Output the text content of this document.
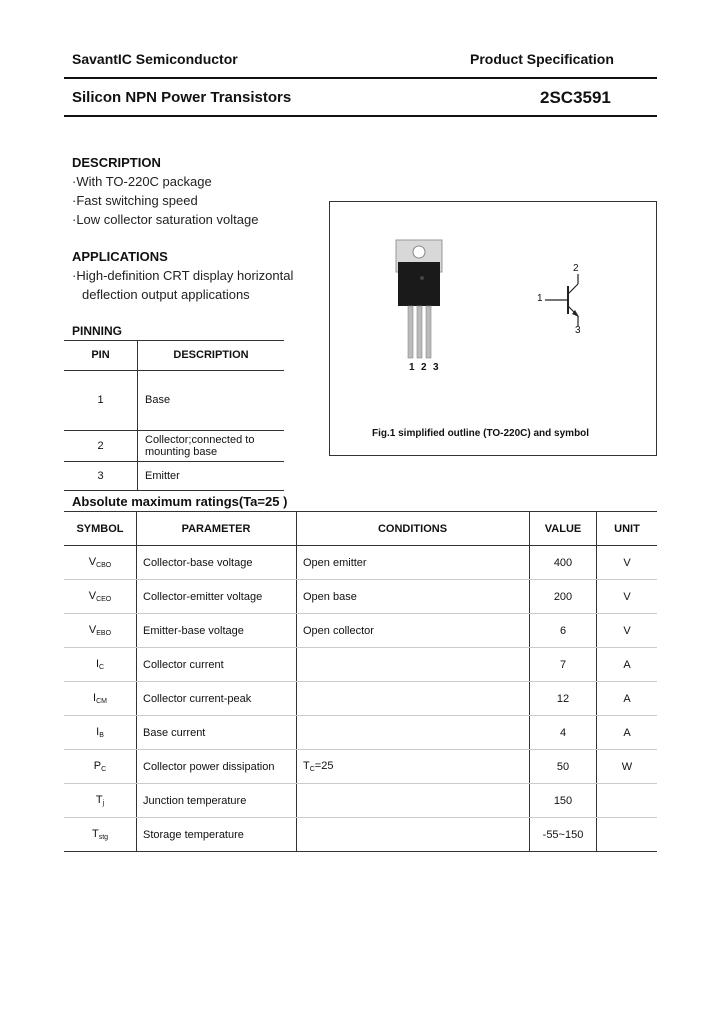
SavantIC Semiconductor	Product Specification
Silicon NPN Power Transistors	2SC3591
DESCRIPTION
·With TO-220C package
·Fast switching speed
·Low collector saturation voltage
APPLICATIONS
·High-definition CRT display horizontal
deflection output applications
PINNING
PIN	DESCRIPTION
1	Base
2	Collector;connected to
mounting base

3	Emitter
1 2 3
1
2
3
Fig.1 simplified outline (TO-220C) and symbol
Absolute maximum ratings(Ta=25 )
SYMBOL	PARAMETER	CONDITIONS	VALUE	UNIT
$V_{CBO}$	Collector-base voltage	Open emitter	400	V
$V_{CEO}$	Collector-emitter voltage	Open base	200	V
$V_{EBO}$	Emitter-base voltage	Open collector	6	V
$I_C$	Collector current		7	A
$I_{CM}$	Collector current-peak		12	A
$I_B$	Base current		4	A
$P_C$	Collector power dissipation	$T_C=25$	50	W
$T_j$	Junction temperature		150	
$T_{stg}$	Storage temperature		-55~150	
